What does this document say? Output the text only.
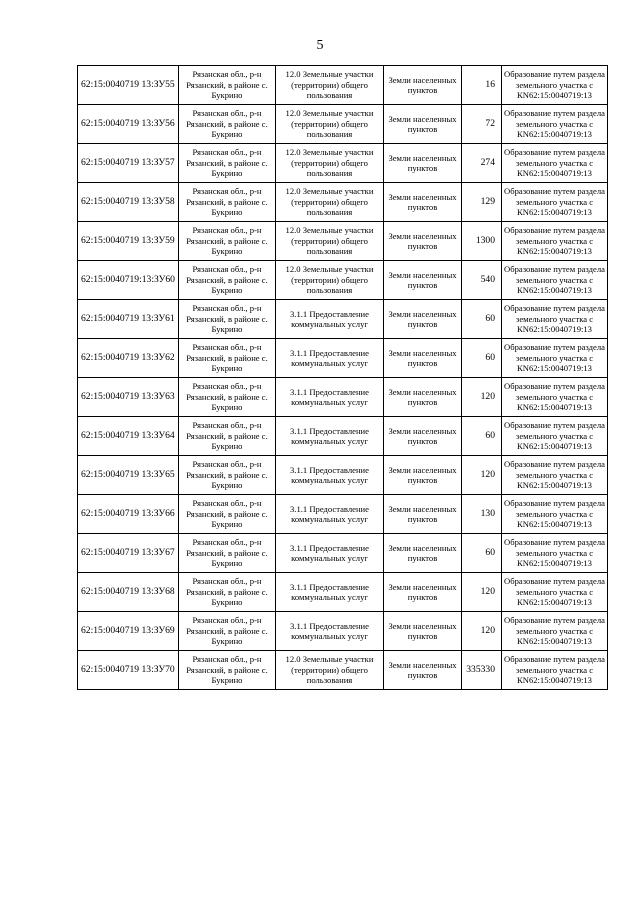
5
62:15:0040719 13:ЗУ55	Рязанская обл., р-н Рязанский, в районе с. Букрино	12.0 Земельные участки (территории) общего пользования	Земли населенных пунктов	16	Образование путем раздела земельного участка с КN62:15:0040719:13
62:15:0040719 13:ЗУ56	Рязанская обл., р-н Рязанский, в районе с. Букрино	12.0 Земельные участки (территории) общего пользования	Земли населенных пунктов	72	Образование путем раздела земельного участка с КN62:15:0040719:13
62:15:0040719 13:ЗУ57	Рязанская обл., р-н Рязанский, в районе с. Букрино	12.0 Земельные участки (территории) общего пользования	Земли населенных пунктов	274	Образование путем раздела земельного участка с КN62:15:0040719:13
62:15:0040719 13:ЗУ58	Рязанская обл., р-н Рязанский, в районе с. Букрино	12.0 Земельные участки (территории) общего пользования	Земли населенных пунктов	129	Образование путем раздела земельного участка с КN62:15:0040719:13
62:15:0040719 13:ЗУ59	Рязанская обл., р-н Рязанский, в районе с. Букрино	12.0 Земельные участки (территории) общего пользования	Земли населенных пунктов	1300	Образование путем раздела земельного участка с КN62:15:0040719:13
62:15:0040719:13:ЗУ60	Рязанская обл., р-н Рязанский, в районе с. Букрино	12.0 Земельные участки (территории) общего пользования	Земли населенных пунктов	540	Образование путем раздела земельного участка с КN62:15:0040719:13
62:15:0040719 13:ЗУ61	Рязанская обл., р-н Рязанский, в районе с. Букрино	3.1.1 Предоставление коммунальных услуг	Земли населенных пунктов	60	Образование путем раздела земельного участка с КN62:15:0040719:13
62:15:0040719 13:ЗУ62	Рязанская обл., р-н Рязанский, в районе с. Букрино	3.1.1 Предоставление коммунальных услуг	Земли населенных пунктов	60	Образование путем раздела земельного участка с КN62:15:0040719:13
62:15:0040719 13:ЗУ63	Рязанская обл., р-н Рязанский, в районе с. Букрино	3.1.1 Предоставление коммунальных услуг	Земли населенных пунктов	120	Образование путем раздела земельного участка с КN62:15:0040719:13
62:15:0040719 13:ЗУ64	Рязанская обл., р-н Рязанский, в районе с. Букрино	3.1.1 Предоставление коммунальных услуг	Земли населенных пунктов	60	Образование путем раздела земельного участка с КN62:15:0040719:13
62:15:0040719 13:ЗУ65	Рязанская обл., р-н Рязанский, в районе с. Букрино	3.1.1 Предоставление коммунальных услуг	Земли населенных пунктов	120	Образование путем раздела земельного участка с КN62:15:0040719:13
62:15:0040719 13:ЗУ66	Рязанская обл., р-н Рязанский, в районе с. Букрино	3.1.1 Предоставление коммунальных услуг	Земли населенных пунктов	130	Образование путем раздела земельного участка с КN62:15:0040719:13
62:15:0040719 13:ЗУ67	Рязанская обл., р-н Рязанский, в районе с. Букрино	3.1.1 Предоставление коммунальных услуг	Земли населенных пунктов	60	Образование путем раздела земельного участка с КN62:15:0040719:13
62:15:0040719 13:ЗУ68	Рязанская обл., р-н Рязанский, в районе с. Букрино	3.1.1 Предоставление коммунальных услуг	Земли населенных пунктов	120	Образование путем раздела земельного участка с КN62:15:0040719:13
62:15:0040719 13:ЗУ69	Рязанская обл., р-н Рязанский, в районе с. Букрино	3.1.1 Предоставление коммунальных услуг	Земли населенных пунктов	120	Образование путем раздела земельного участка с КN62:15:0040719:13
62:15:0040719 13:ЗУ70	Рязанская обл., р-н Рязанский, в районе с. Букрино	12.0 Земельные участки (территории) общего пользования	Земли населенных пунктов	335330	Образование путем раздела земельного участка с КN62:15:0040719:13
